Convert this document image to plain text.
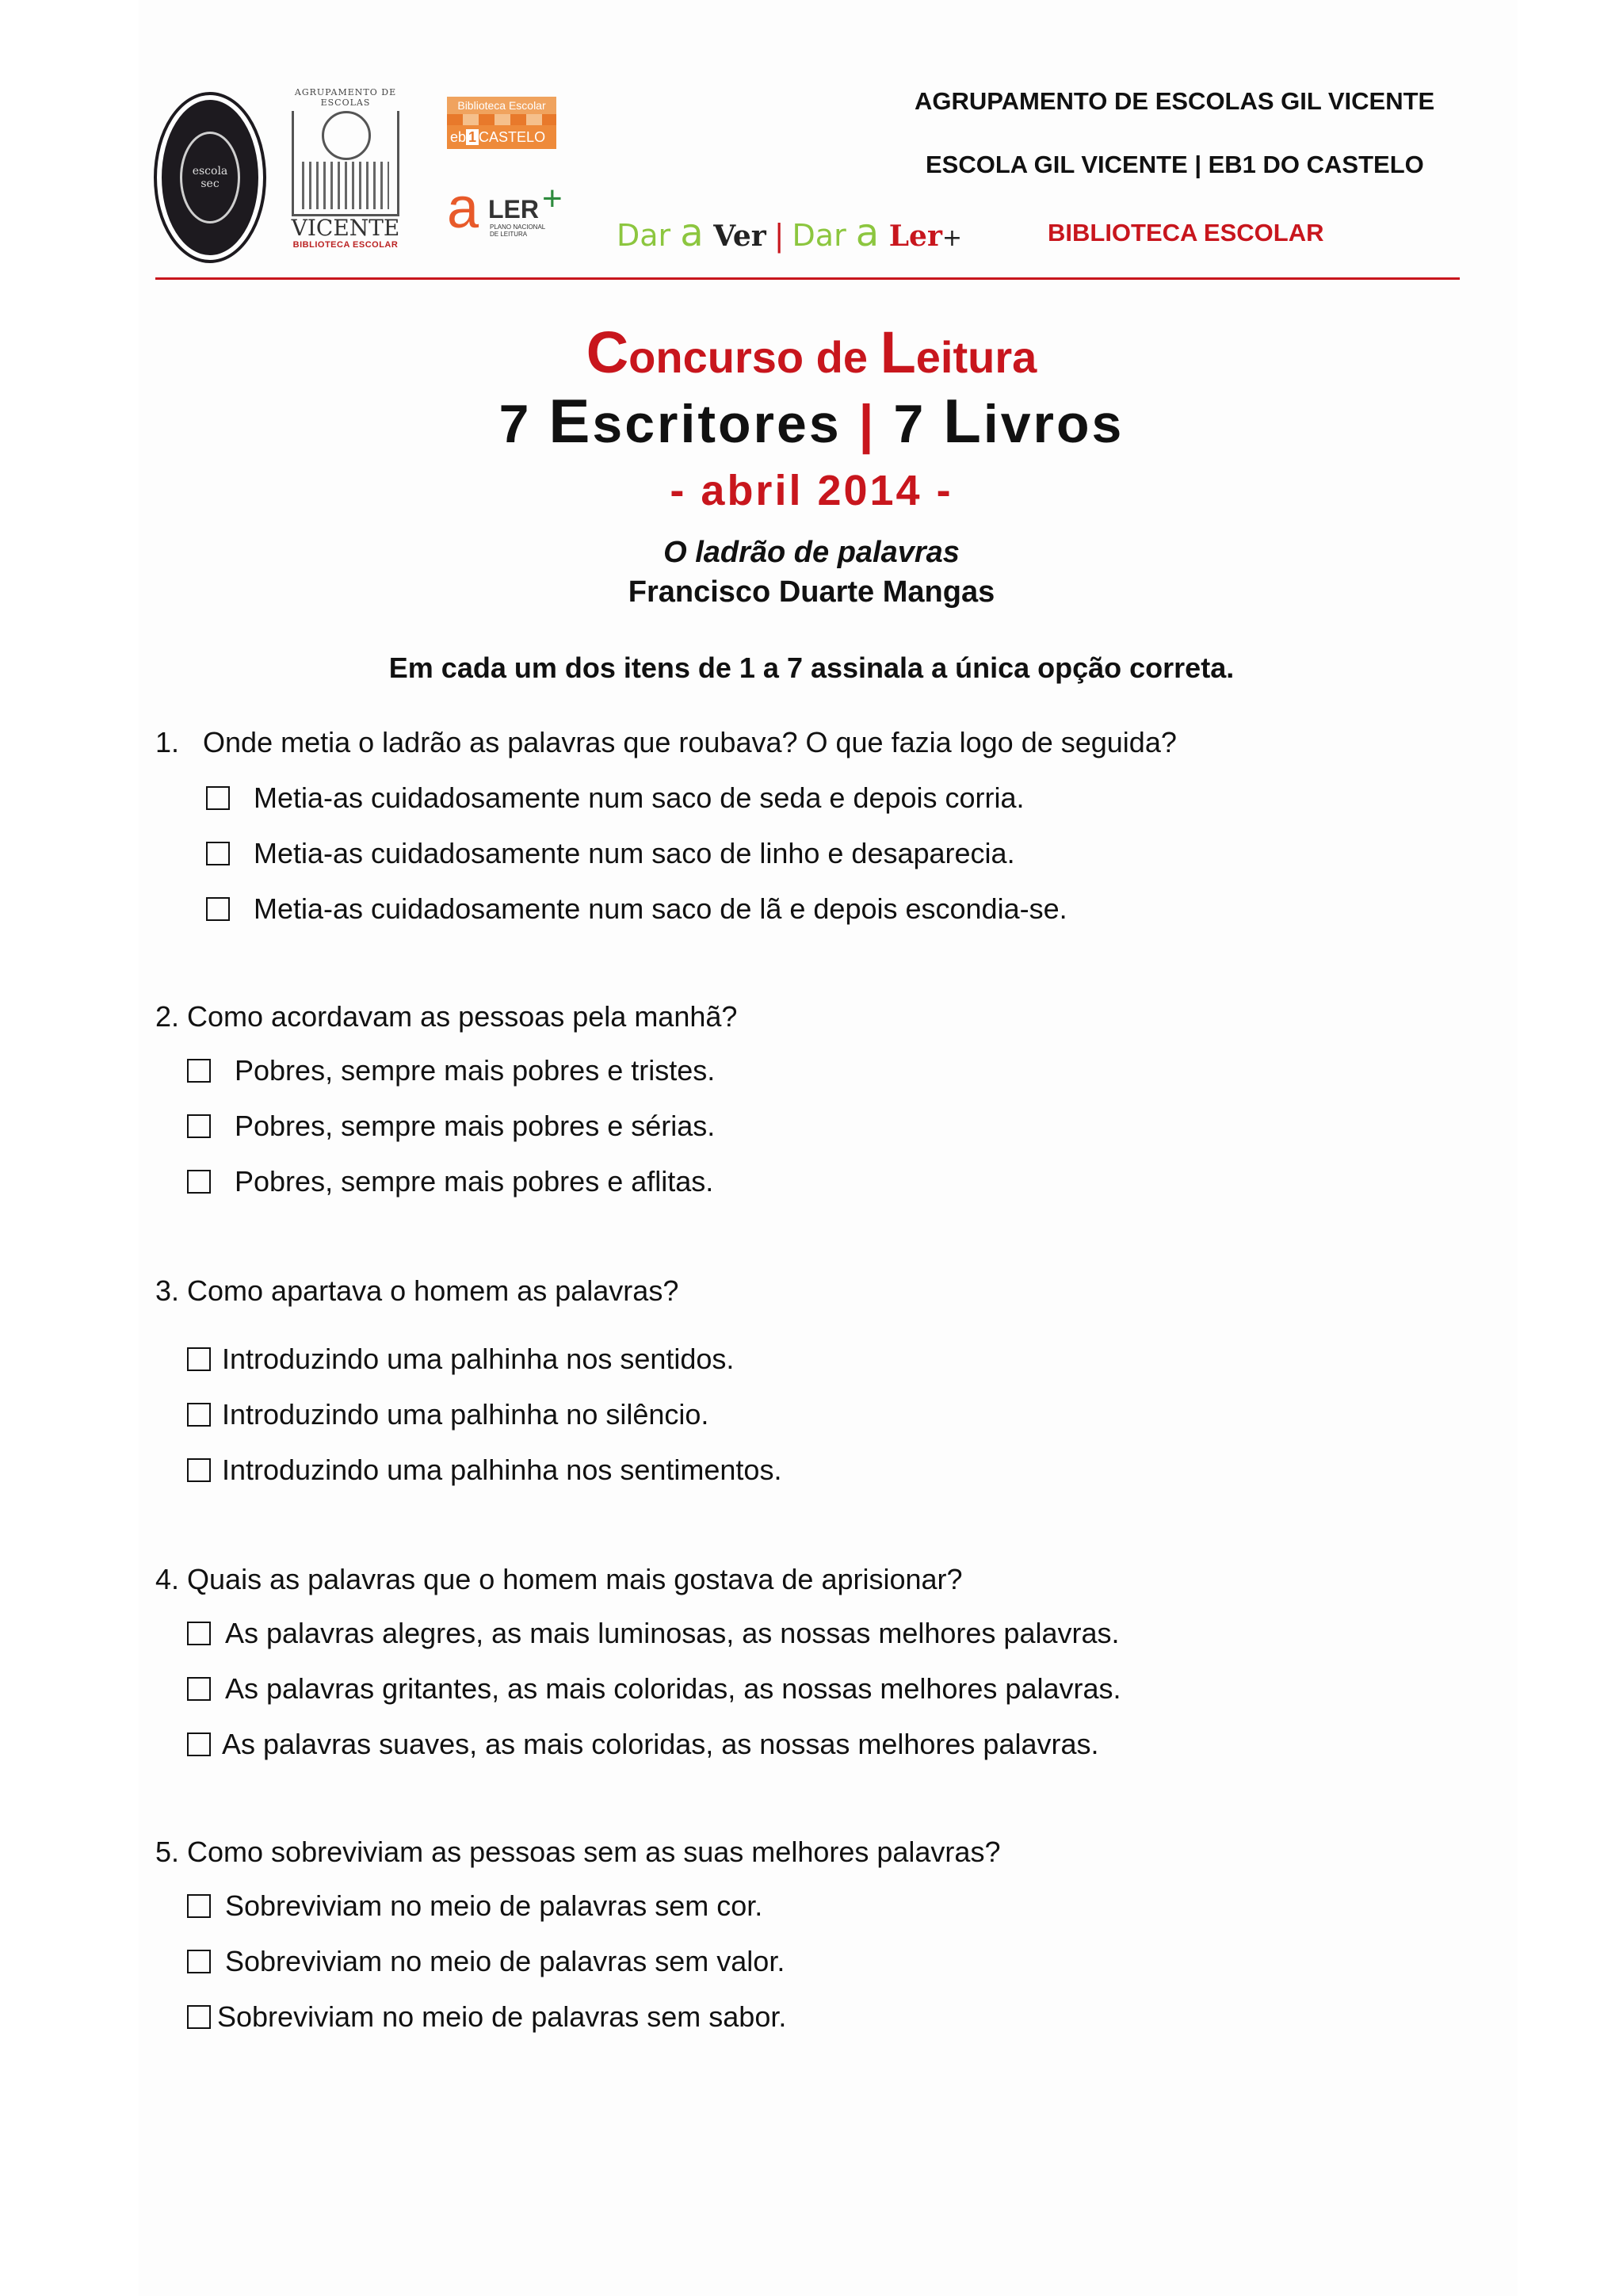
escola sec
AGRUPAMENTO DE ESCOLAS
VICENTE
BIBLIOTECA ESCOLAR
Biblioteca Escolar
eb 1 CASTELO
a LER +
PLANO NACIONAL DE LEITURA	Dar a Ver | Dar a Ler+
AGRUPAMENTO DE ESCOLAS GIL VICENTE
ESCOLA GIL VICENTE | EB1 DO CASTELO
BIBLIOTECA ESCOLAR
Concurso de Leitura
7 Escritores | 7 Livros
- abril 2014 -
O ladrão de palavras
Francisco Duarte Mangas
Em cada um dos itens de 1 a 7 assinala a única opção correta.
1.   Onde metia o ladrão as palavras que roubava? O que fazia logo de seguida?
Metia-as cuidadosamente num saco de seda e depois corria.
Metia-as cuidadosamente num saco de linho e desaparecia.
Metia-as cuidadosamente num saco de lã e depois escondia-se.
2. Como acordavam as pessoas pela manhã?
Pobres, sempre mais pobres e tristes.
Pobres, sempre mais pobres e sérias.
Pobres, sempre mais pobres e aflitas.
3. Como apartava o homem as palavras?
Introduzindo uma palhinha nos sentidos.
Introduzindo uma palhinha no silêncio.
Introduzindo uma palhinha nos sentimentos.
4. Quais as palavras que o homem mais gostava de aprisionar?
As palavras alegres, as mais luminosas, as nossas melhores palavras.
As palavras gritantes, as mais coloridas, as nossas melhores palavras.
As palavras suaves, as mais coloridas, as nossas melhores palavras.
5. Como sobreviviam as pessoas sem as suas melhores palavras?
Sobreviviam no meio de palavras sem cor.
Sobreviviam no meio de palavras sem valor.
Sobreviviam no meio de palavras sem sabor.
